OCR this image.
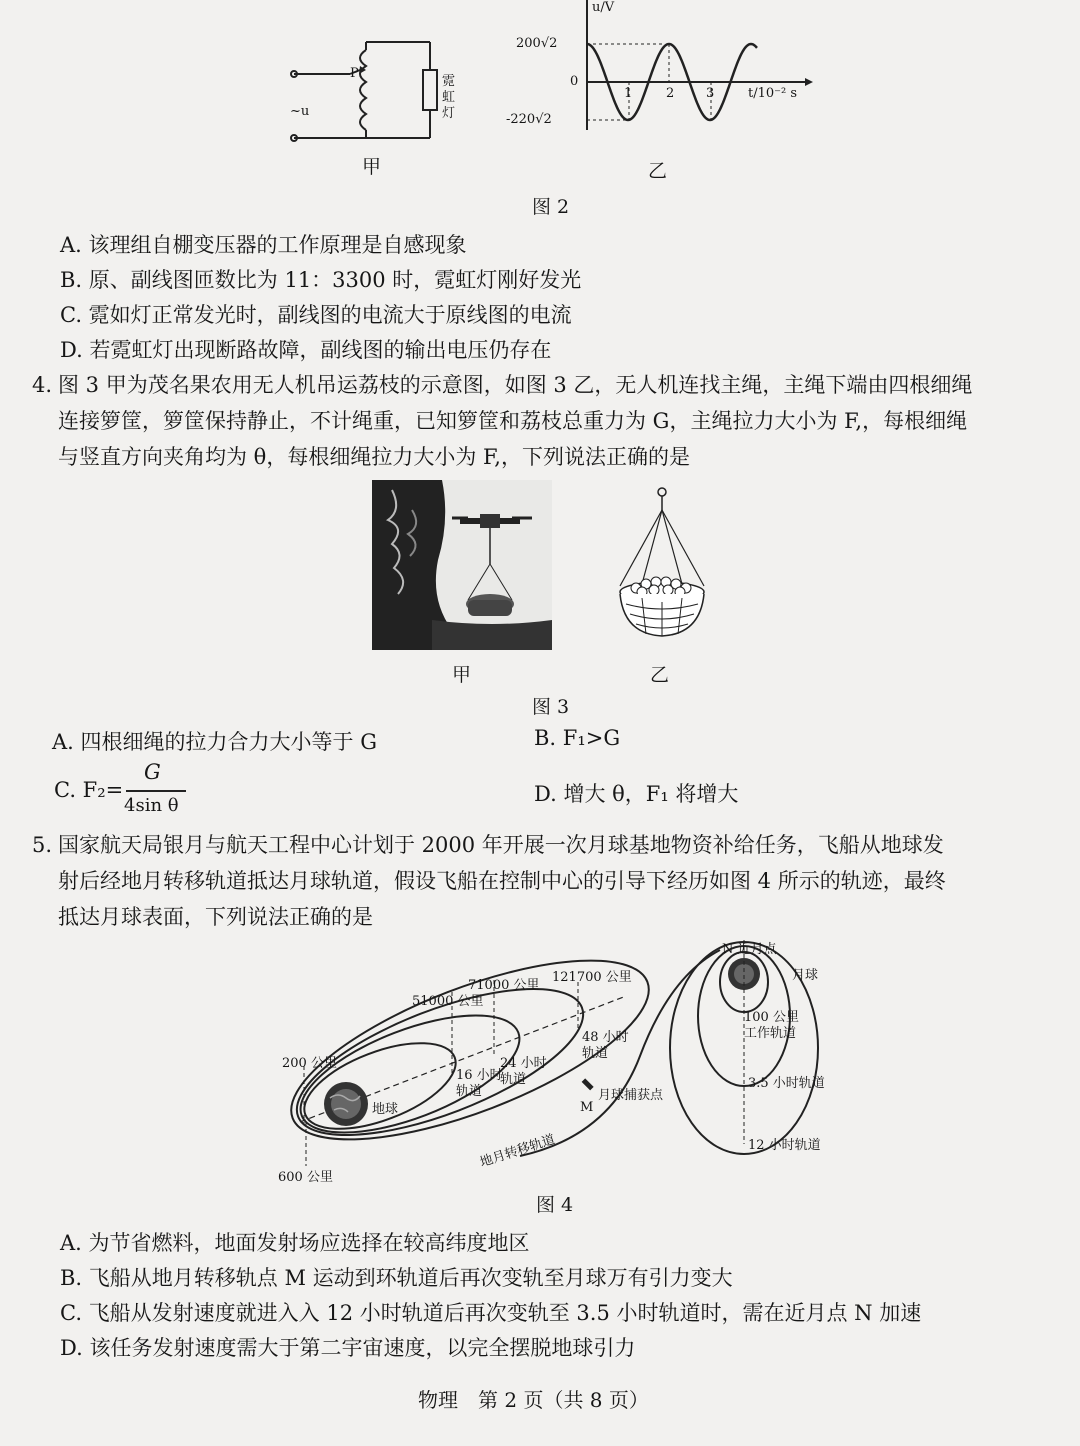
P
~u
霓
虹
灯
甲
u/V
200√2
0
-220√2
1	2 3	t/10⁻² s
乙
图 2
A. 该理组自棚变压器的工作原理是自感现象
B. 原、副线图匝数比为 11：3300 时，霓虹灯刚好发光
C. 霓如灯正常发光时，副线图的电流大于原线图的电流
D. 若霓虹灯出现断路故障，副线图的输出电压仍存在
4. 图 3 甲为茂名果农用无人机吊运荔枝的示意图，如图 3 乙，无人机连找主绳，主绳下端由四根细绳
连接箩筐，箩筐保持静止，不计绳重，已知箩筐和荔枝总重力为 G，主绳拉力大小为 F,，每根细绳
与竖直方向夹角均为 θ，每根细绳拉力大小为 F,，下列说法正确的是
甲	乙
图 3
A. 四根细绳的拉力合力大小等于 G	B. F₁>G
C. F₂=
G
4sin θ	D. 增大 θ，F₁ 将增大
5. 国家航天局银月与航天工程中心计划于 2000 年开展一次月球基地物资补给任务，飞船从地球发
射后经地月转移轨道抵达月球轨道，假设飞船在控制中心的引导下经历如图 4 所示的轨迹，最终
抵达月球表面，下列说法正确的是
200 公里
600 公里
51000 公里
71000 公里
121700 公里
地球
16 小时
轨道
24 小时
轨道
48 小时
轨道
月球捕获点
M
地月转移轨道
N 近月点
月球
100 公里
工作轨道
3.5 小时轨道
12 小时轨道
图 4
A. 为节省燃料，地面发射场应选择在较高纬度地区
B. 飞船从地月转移轨点 M 运动到环轨道后再次变轨至月球万有引力变大
C. 飞船从发射速度就进入入 12 小时轨道后再次变轨至 3.5 小时轨道时，需在近月点 N 加速
D. 该任务发射速度需大于第二宇宙速度，以完全摆脱地球引力
物理　第 2 页（共 8 页）
